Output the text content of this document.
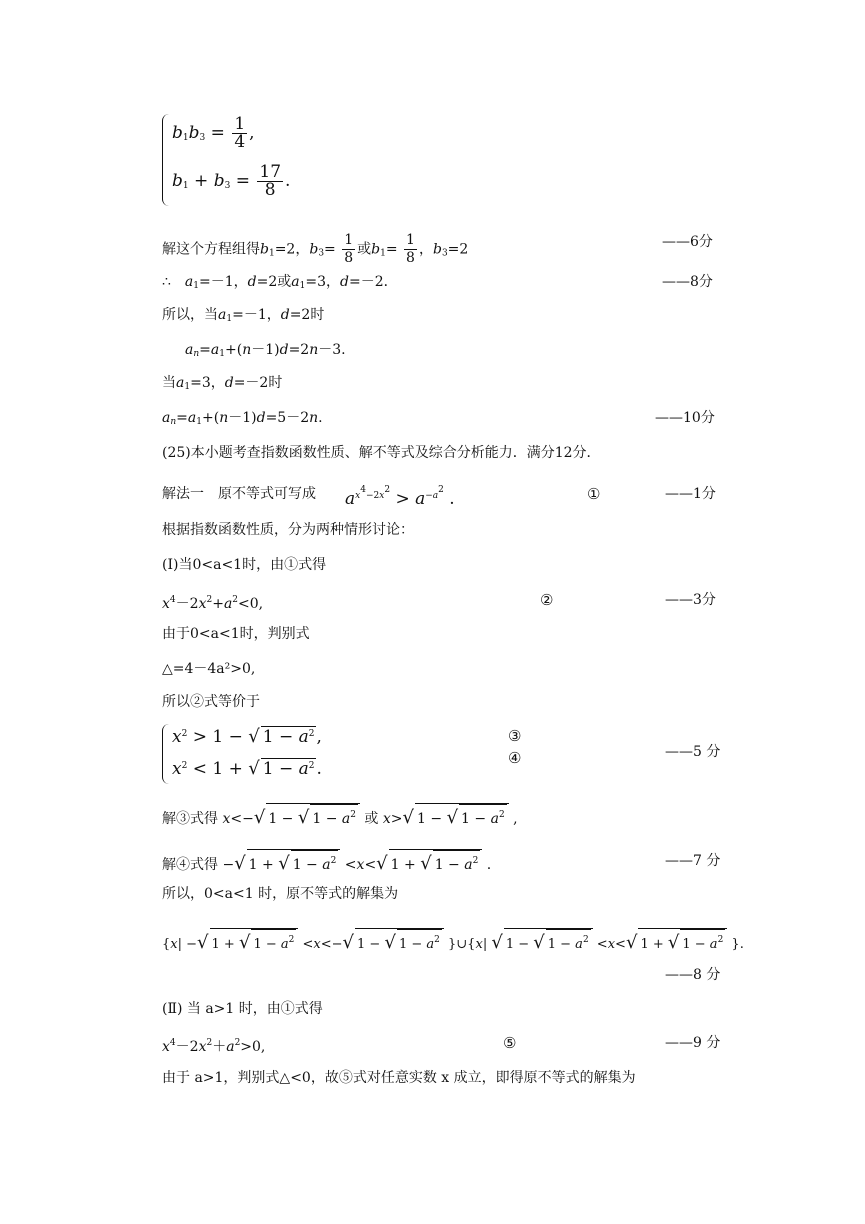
$b_1b_3 = \frac{1}{4}$ ,
$b_1 + b_3 = \frac{17}{8}$ .
解这个方程组得$b_1=2$，$b_3= \frac{1}{8}$ 或$b_1= \frac{1}{8}$ ，$b_3=2$	——6分
∴　 $a_1=-1$，d=2或$a_1=3$，d=－2．	——8分
所以，当$a_1=-1$，d=2时
$a_n=a_1+(n-1)d=2n-3$.
当$a_1=3$，d=－2时
$a_n=a_1+(n-1)d=5-2n$.	——10分
(25)本小题考查指数函数性质、解不等式及综合分析能力．满分12分．
解法一　原不等式可写成 $a^{x^4-2x^2} > a^{-a^2}$ .	①	——1分
根据指数函数性质，分为两种情形讨论：
(Ⅰ)当0<a<1时，由①式得
$x^4-2x^2+a^2<0$,	②	——3分
由于0<a<1时，判别式
△=4－4a²>0,
所以②式等价于
$x^2 > 1$ − √ $1 - a^2$ ,
$x^2 < 1$ + √ $1 - a^2$ .
③
④	——5 分
解③式得 x<−√ 1 − √ $1 - a^2$ 或 x>√ 1 − √ $1 - a^2$ ,
解④式得 −√ 1 + √ $1 - a^2 <x<√$ 1 + √ $1 - a^2$ .	——7 分
所以，0<a<1 时，原不等式的解集为
{x| −√ 1 + √ $1 - a^2 <x<-√$ 1 − √ $1 - a^2$ }∪{x| √ 1 − √ $1 - a^2 <x<√$ 1 + √ $1 - a^2$ }.
——8 分
(Ⅱ) 当 a>1 时，由①式得
$x^4-2x^2+a^2>0$,	⑤	——9 分
由于 a>1，判别式△<0，故⑤式对任意实数 x 成立，即得原不等式的解集为
